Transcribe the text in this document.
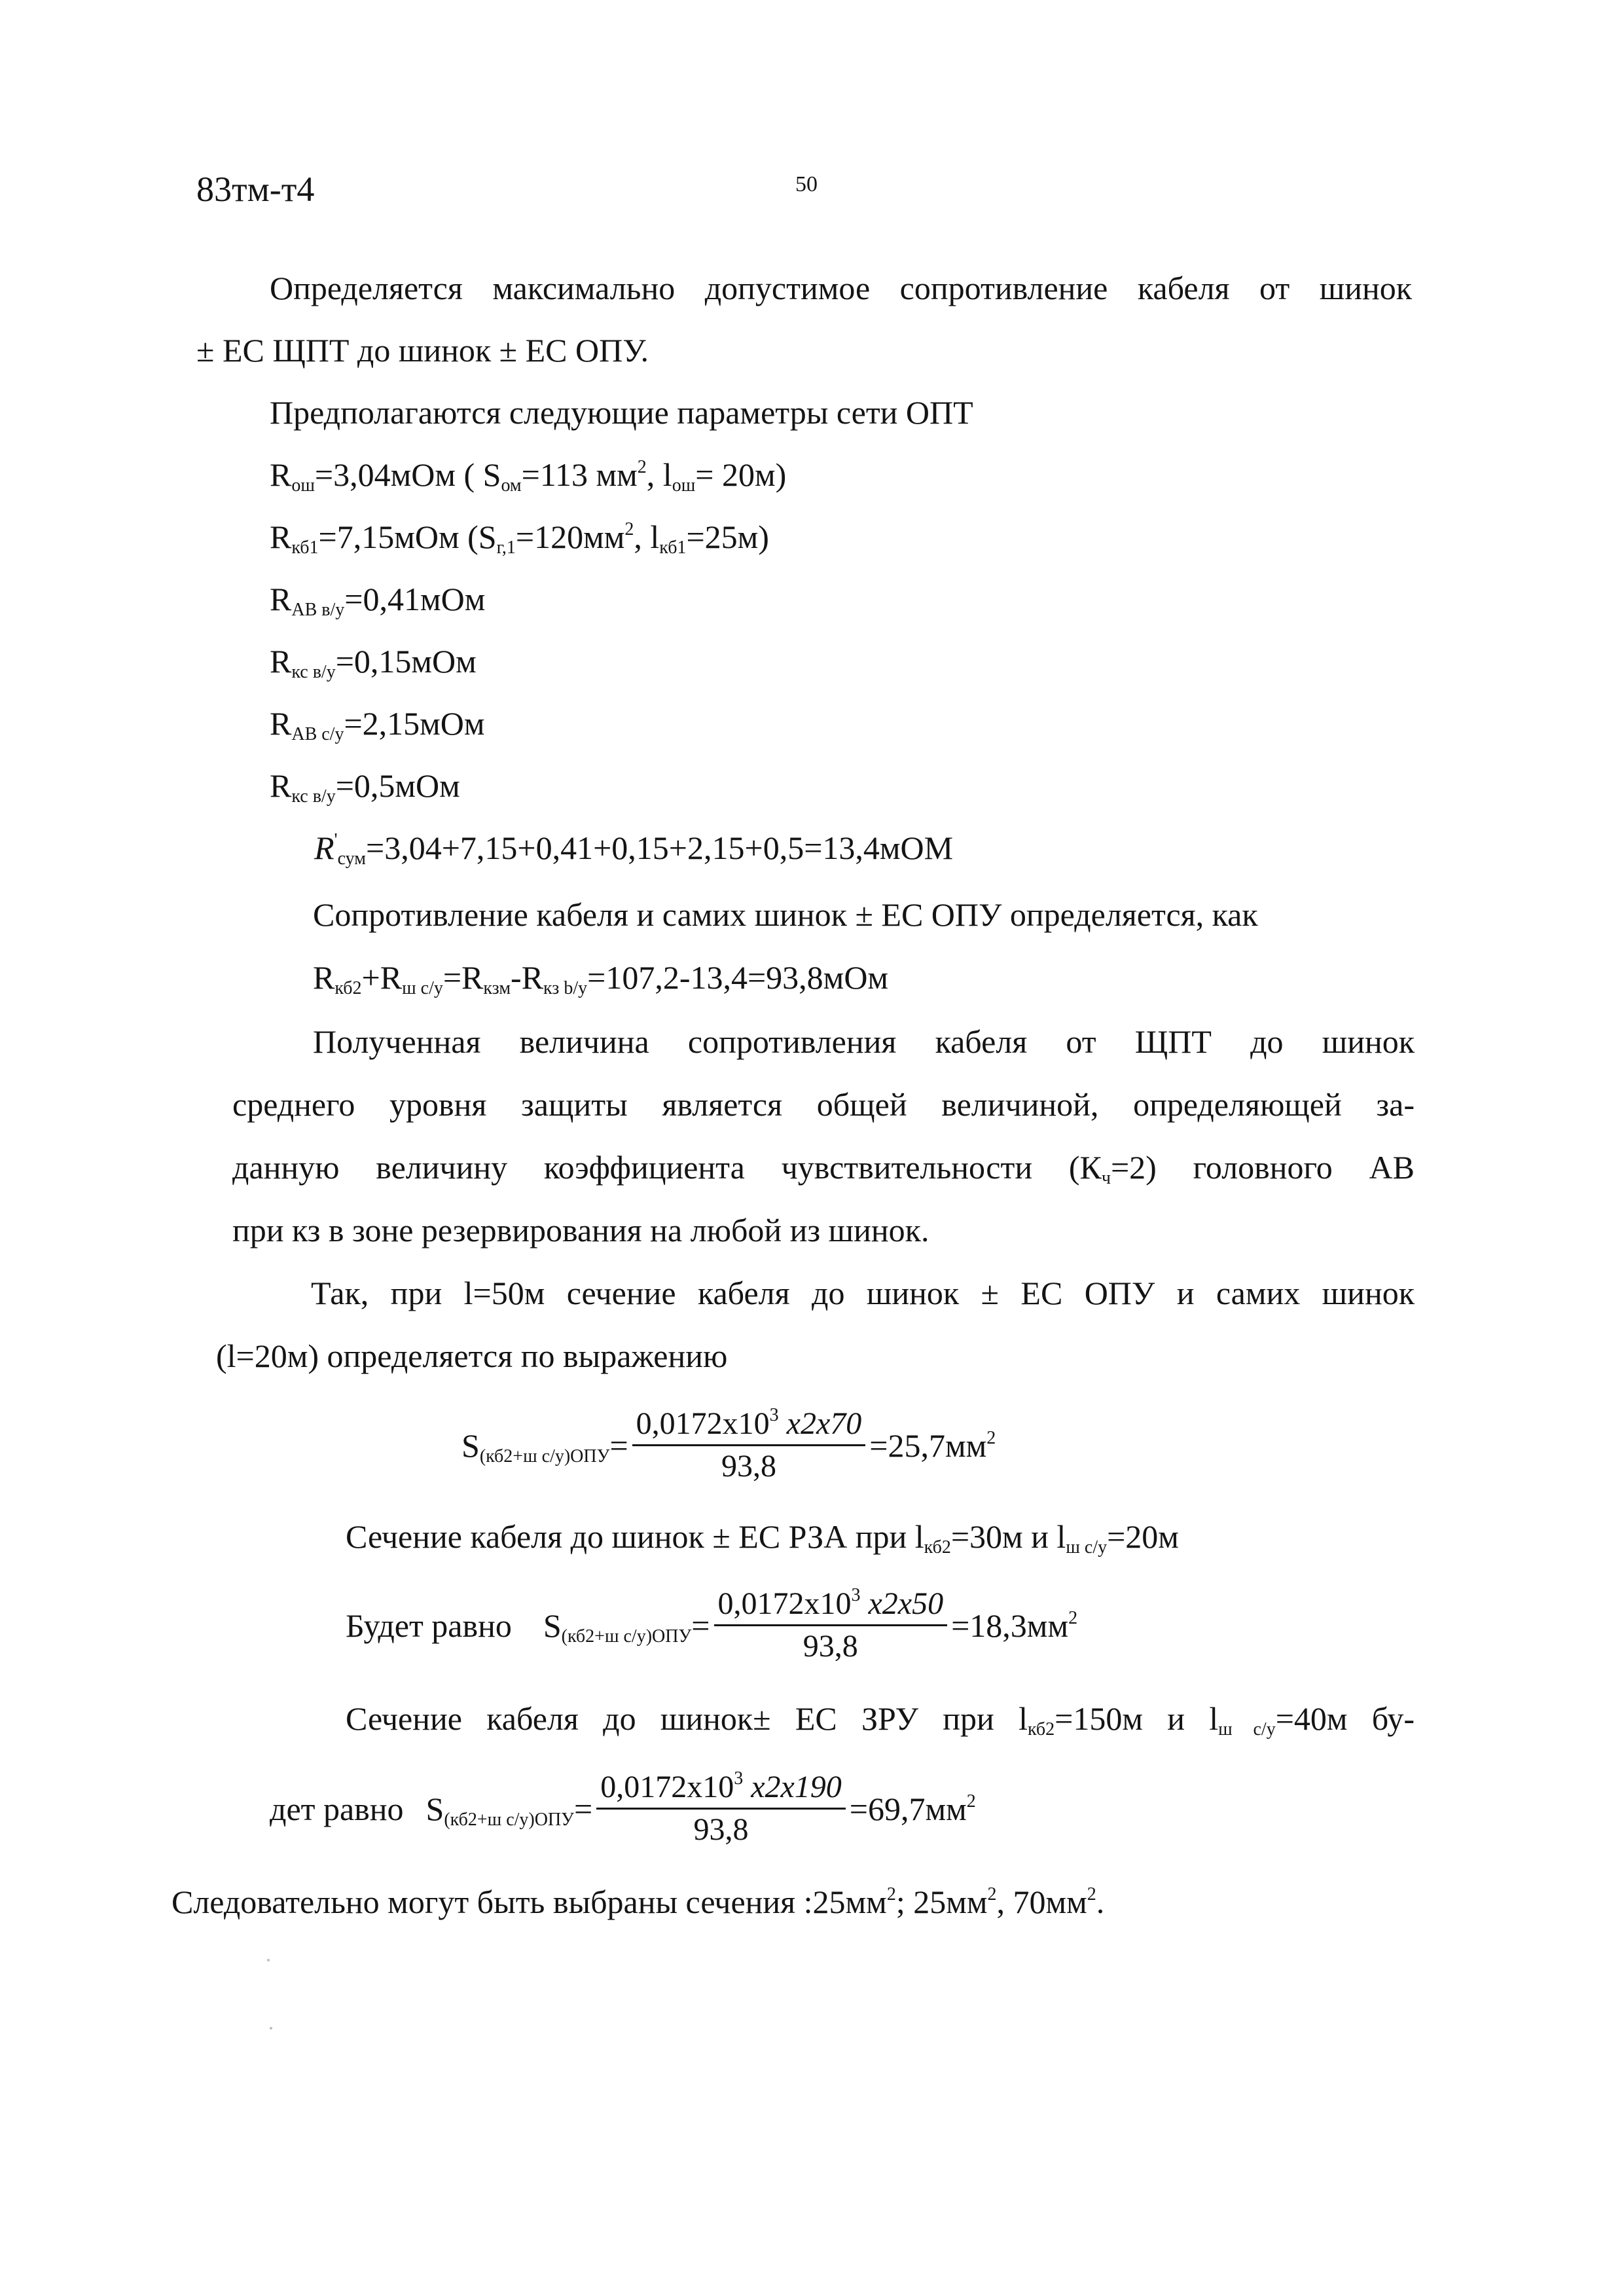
83тм-т4	50
Определяется максимально допустимое сопротивление кабеля от шинок
± ЕС ЩПТ до шинок ± ЕС ОПУ.
Предполагаются следующие параметры сети ОПТ
$R_{ош}=3,04мОм$ ( $S_{ом}=113$ $мм^2$, $l_{ош}= 20м$)
$R_{кб1}=7,15мОм$ ($S_{г,1}=120мм^2$, $l_{кб1}=25м$)
$R_{AB в/у}=0,41мОм$
$R_{кс в/у}=0,15мОм$
$R_{AB с/у}=2,15мОм$
$R_{кс в/у}=0,5мОм$
$R'_{сум}=3,04+7,15+0,41+0,15+2,15+0,5=13,4мОМ$
Сопротивление кабеля и самих шинок ± ЕС ОПУ определяется, как
$R_{кб2}+R_{ш с/у}=R_{кзм}-R_{кз b/у}=107,2-13,4=93,8мОм$
Полученная величина сопротивления кабеля от ЩПТ до шинок
среднего уровня защиты является общей величиной, определяющей за-
данную величину коэффициента чувствительности $(К_ч=2)$ головного АВ
при кз в зоне резервирования на любой из шинок.
Так, при l=50м сечение кабеля до шинок ± ЕС ОПУ и самих шинок
(l=20м) определяется по выражению
$S_{(кб2+ш с/у)ОПУ}= \frac{0,0172x10^3 x2x70}{93,8} =25,7мм^2$
Сечение кабеля до шинок ± ЕС РЗА при $l_{кб2}=30м$ и $l_{ш с/у}=20м$
Будет равно $S_{(кб2+ш с/у)ОПУ}= \frac{0,0172x10^3 x2x50}{93,8} =18,3мм^2$
Сечение кабеля до шинок± ЕС ЗРУ при $l_{кб2}=150м$ и $l_{ш с/у}=40м$ бу-
дет равно $S_{(кб2+ш с/у)ОПУ}= \frac{0,0172x10^3 x2x190}{93,8} =69,7мм^2$
Следовательно могут быть выбраны сечения $:25мм^2$; $25мм^2$, $70мм^2$.
